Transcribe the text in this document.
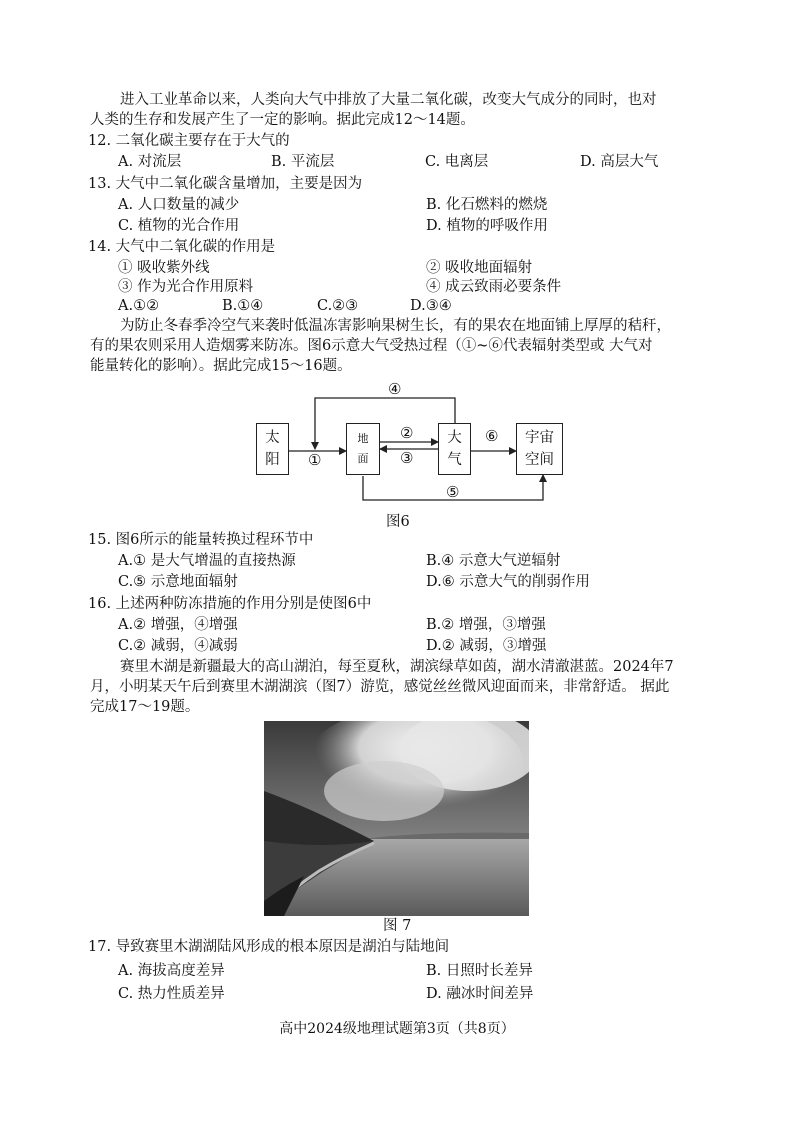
进入工业革命以来，人类向大气中排放了大量二氧化碳，改变大气成分的同时，也对
人类的生存和发展产生了一定的影响。据此完成12～14题。
12. 二氧化碳主要存在于大气的
A. 对流层	B. 平流层	C. 电离层	D. 高层大气
13. 大气中二氧化碳含量增加，主要是因为
A. 人口数量的减少	B. 化石燃料的燃烧
C. 植物的光合作用	D. 植物的呼吸作用
14. 大气中二氧化碳的作用是
① 吸收紫外线	② 吸收地面辐射
③ 作为光合作用原料	④ 成云致雨必要条件
A.①②	B.①④	C.②③	D.③④
为防止冬春季冷空气来袭时低温冻害影响果树生长，有的果农在地面铺上厚厚的秸秆，
有的果农则采用人造烟雾来防冻。图6示意大气受热过程（①~⑥代表辐射类型或 大气对
能量转化的影响）。据此完成15～16题。
太
阳
地
面
大
气
宇宙
空间
①
②
③
④
⑤
⑥
图6
15. 图6所示的能量转换过程环节中
A.① 是大气增温的直接热源	B.④ 示意大气逆辐射
C.⑤ 示意地面辐射	D.⑥ 示意大气的削弱作用
16. 上述两种防冻措施的作用分别是使图6中
A.② 增强，④增强	B.② 增强，③增强
C.② 减弱，④减弱	D.② 减弱，③增强
赛里木湖是新疆最大的高山湖泊，每至夏秋，湖滨绿草如茵，湖水清澈湛蓝。2024年7
月，小明某天午后到赛里木湖湖滨（图7）游览，感觉丝丝微风迎面而来，非常舒适。 据此
完成17～19题。
图 7
17. 导致赛里木湖湖陆风形成的根本原因是湖泊与陆地间
A. 海拔高度差异	B. 日照时长差异
C. 热力性质差异	D. 融冰时间差异
高中2024级地理试题第3页（共8页）
